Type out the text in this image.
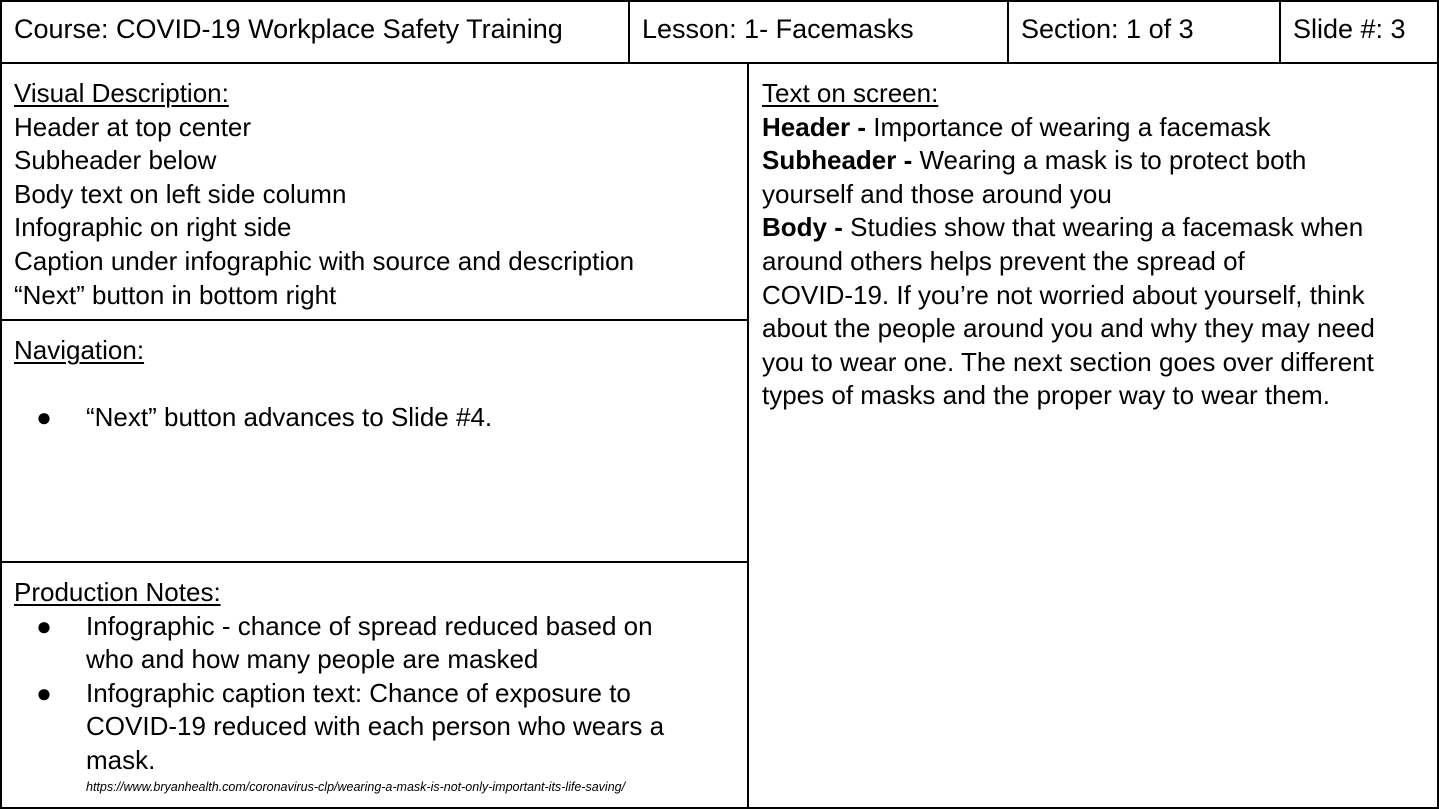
Course: COVID-19 Workplace Safety Training	Lesson: 1- Facemasks	Section: 1 of 3	Slide #: 3
Visual Description:
Header at top center
Subheader below
Body text on left side column
Infographic on right side
Caption under infographic with source and description
“Next” button in bottom right
Navigation:
● “Next” button advances to Slide #4.
Production Notes:
● Infographic - chance of spread reduced based on
who and how many people are masked
● Infographic caption text: Chance of exposure to
COVID-19 reduced with each person who wears a
mask.
https://www.bryanhealth.com/coronavirus-clp/wearing-a-mask-is-not-only-important-its-life-saving/
Text on screen:
Header - Importance of wearing a facemask
Subheader - Wearing a mask is to protect both
yourself and those around you
Body - Studies show that wearing a facemask when
around others helps prevent the spread of
COVID-19. If you’re not worried about yourself, think
about the people around you and why they may need
you to wear one. The next section goes over different
types of masks and the proper way to wear them.
